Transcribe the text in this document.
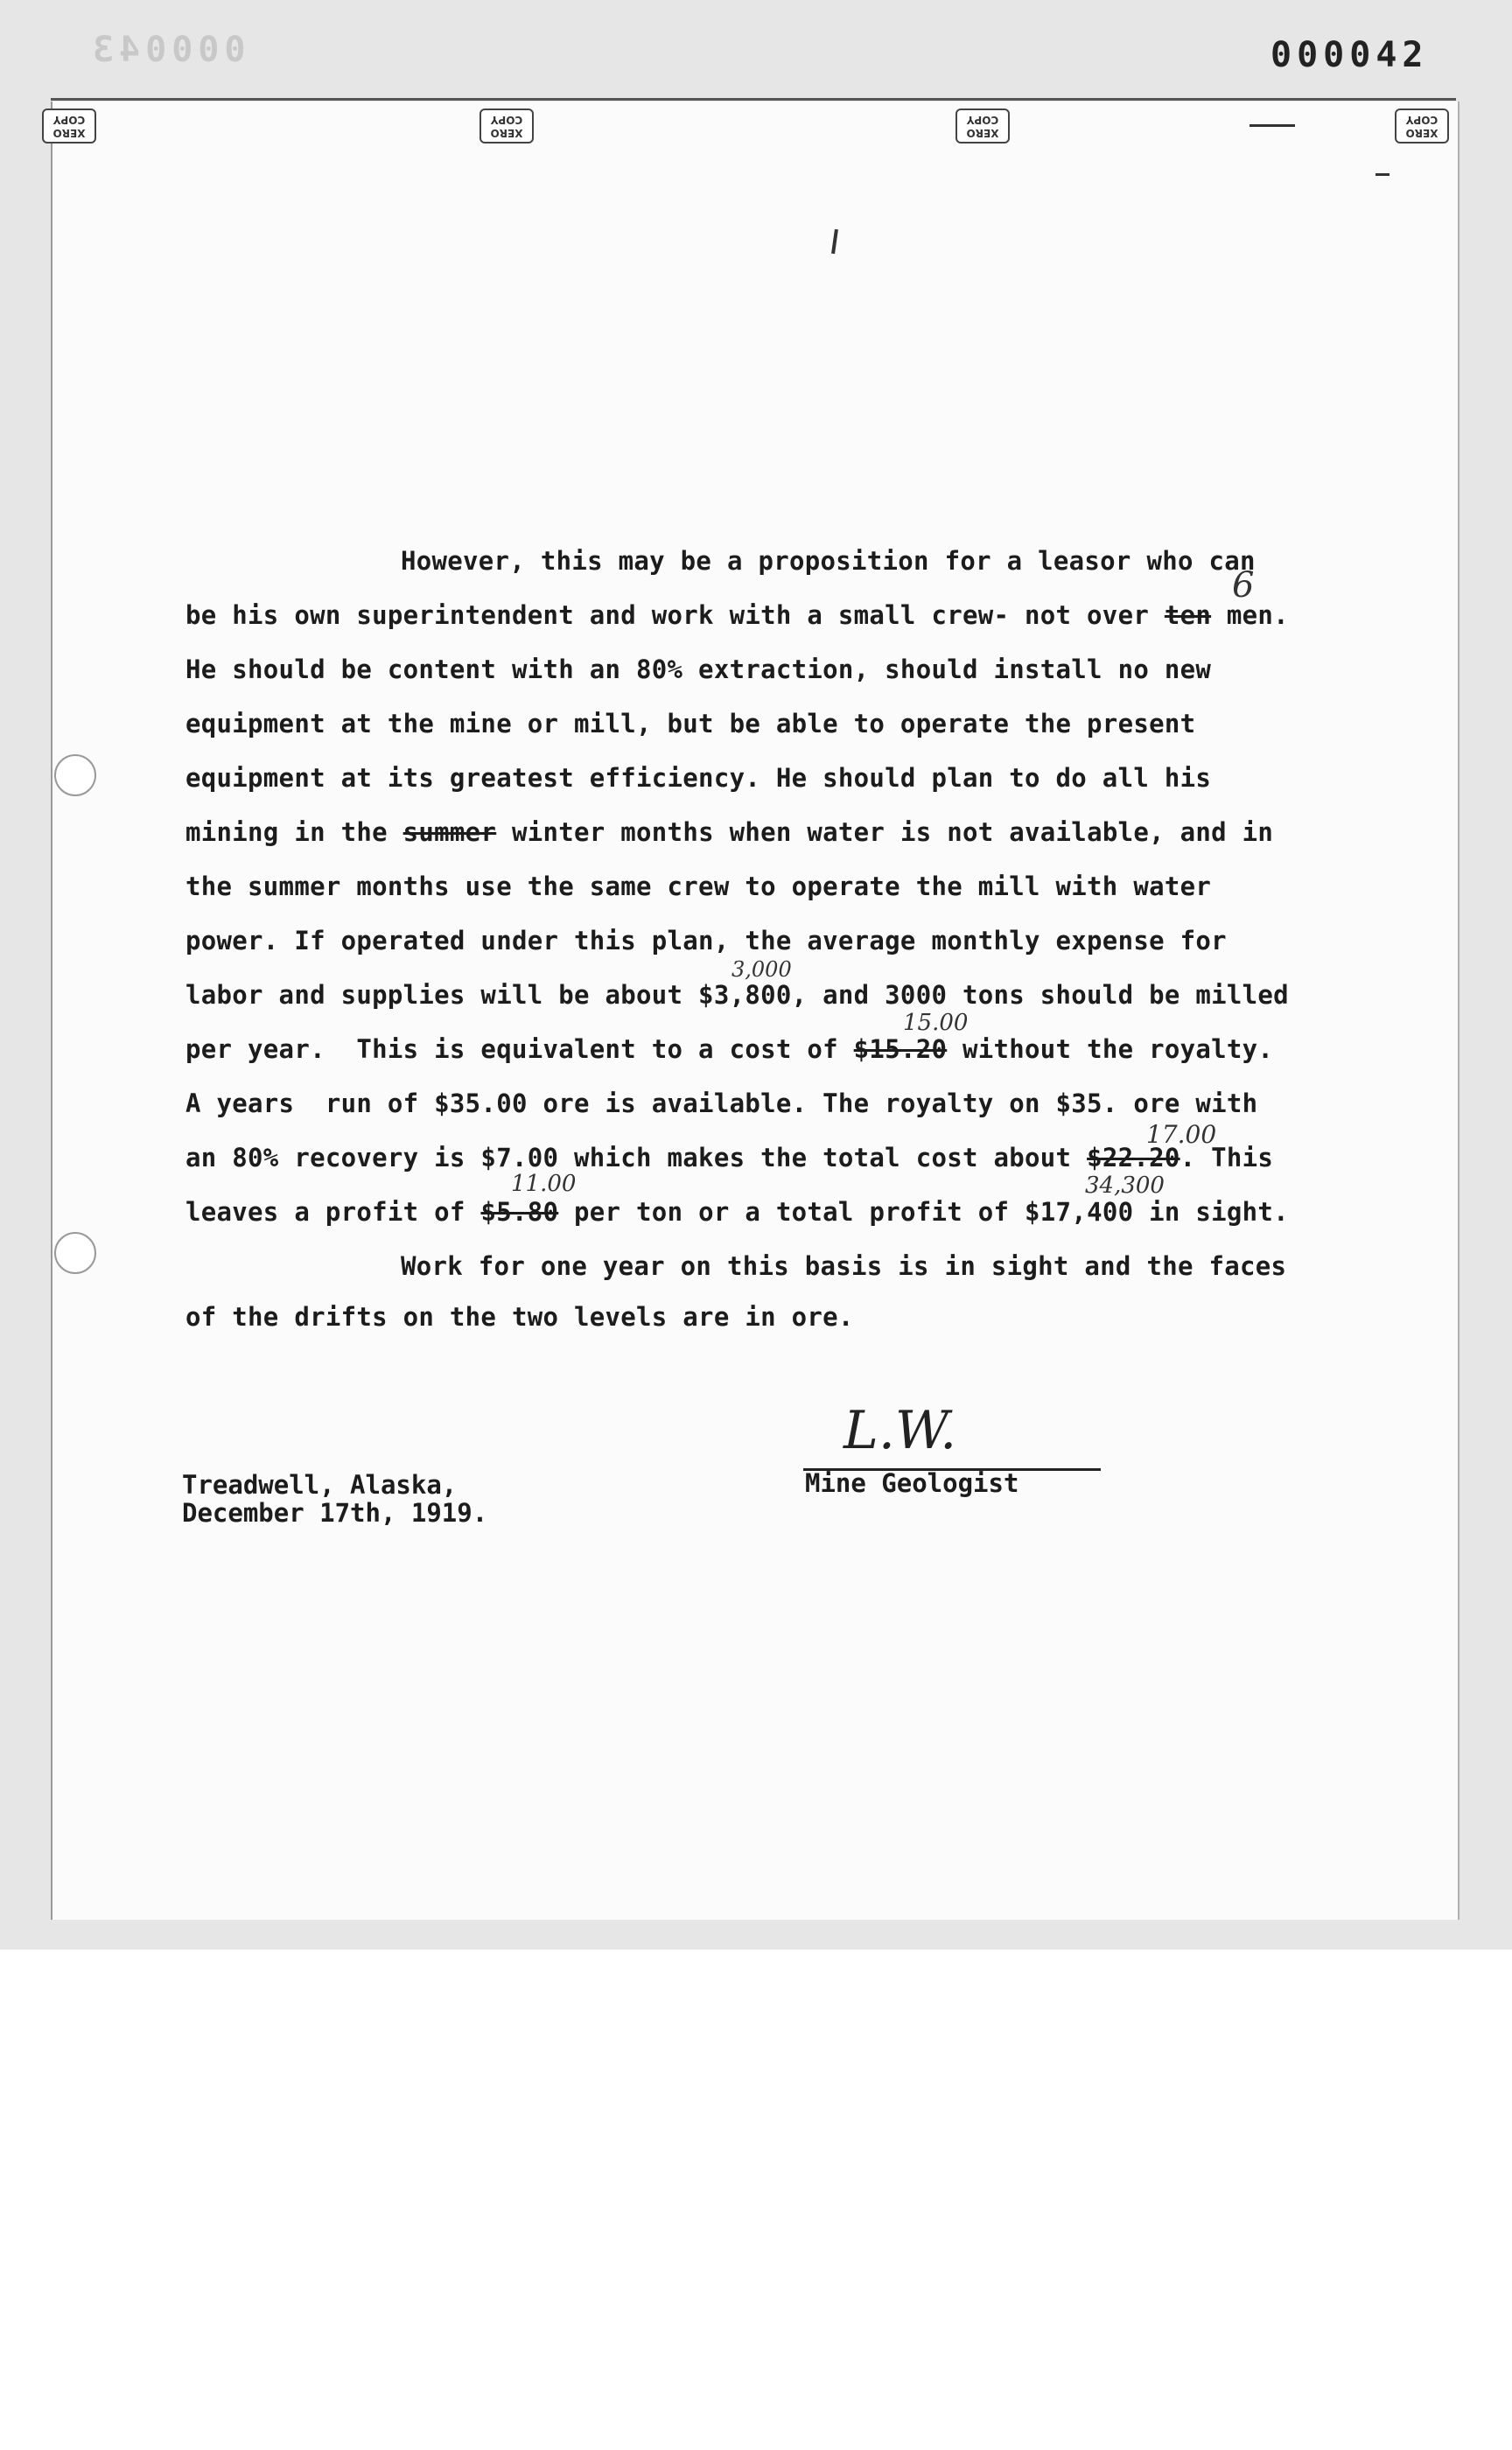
000043	000042
XERO COPY
XERO COPY
XERO COPY
XERO COPY
However, this may be a proposition for a leasor who can
be his own superintendent and work with a small crew- not over ten men.
6
He should be content with an 80% extraction, should install no new
equipment at the mine or mill, but be able to operate the present
equipment at its greatest efficiency. He should plan to do all his
mining in the summer winter months when water is not available, and in
the summer months use the same crew to operate the mill with water
power. If operated under this plan, the average monthly expense for
3,000
labor and supplies will be about $3,800, and 3000 tons should be milled
15.00
per year.  This is equivalent to a cost of $15.20 without the royalty.
A years  run of $35.00 ore is available. The royalty on $35. ore with
17.00
an 80% recovery is $7.00 which makes the total cost about $22.20. This
11.00	34,300
leaves a profit of $5.80 per ton or a total profit of $17,400 in sight.
Work for one year on this basis is in sight and the faces
of the drifts on the two levels are in ore.
L.W.
Mine Geologist
Treadwell, Alaska,
December 17th, 1919.
